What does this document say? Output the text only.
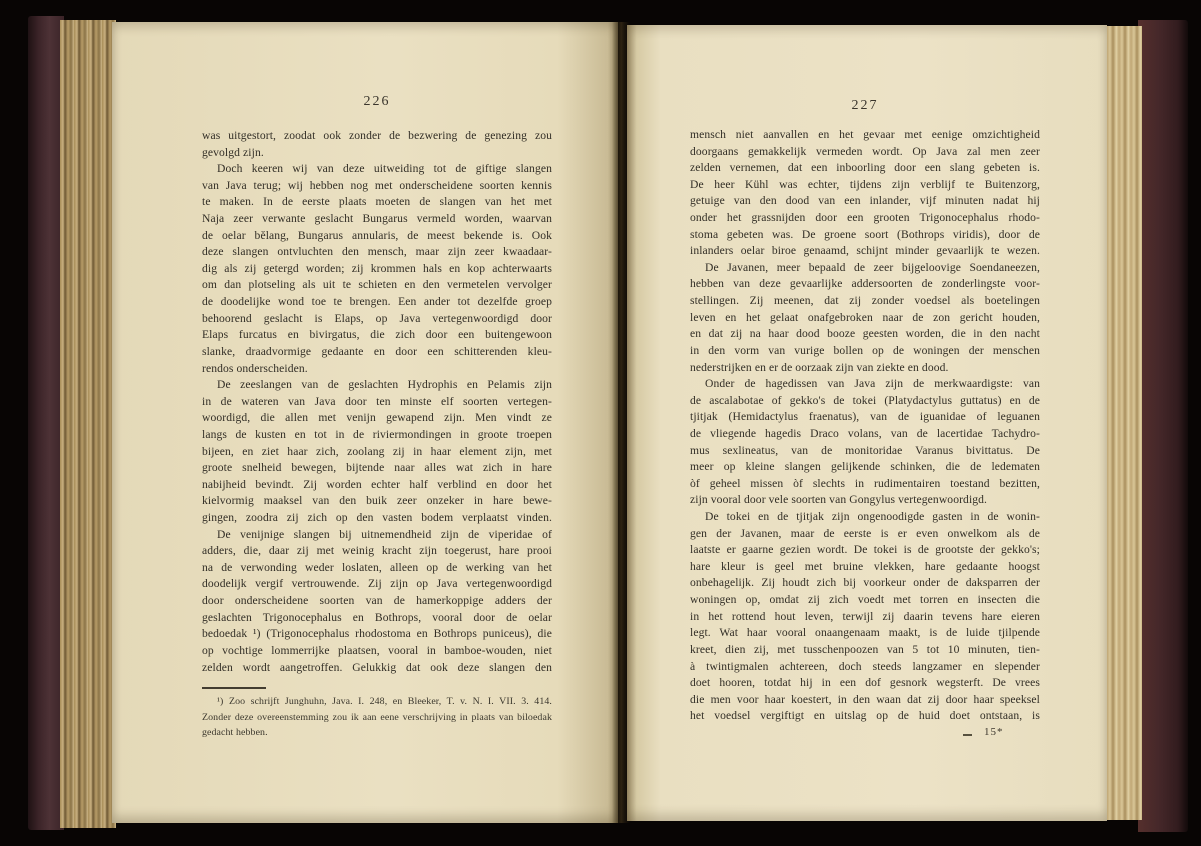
226
was uitgestort, zoodat ook zonder de bezwering de genezing zou
gevolgd zijn.
Doch keeren wij van deze uitweiding tot de giftige slangen
van Java terug; wij hebben nog met onderscheidene soorten kennis
te maken. In de eerste plaats moeten de slangen van het met
Naja zeer verwante geslacht Bungarus vermeld worden, waarvan
de oelar bĕlang, Bungarus annularis, de meest bekende is. Ook
deze slangen ontvluchten den mensch, maar zijn zeer kwaadaar-
dig als zij getergd worden; zij krommen hals en kop achterwaarts
om dan plotseling als uit te schieten en den vermetelen vervolger
de doodelijke wond toe te brengen. Een ander tot dezelfde groep
behoorend geslacht is Elaps, op Java vertegenwoordigd door
Elaps furcatus en bivirgatus, die zich door een buitengewoon
slanke, draadvormige gedaante en door een schitterenden kleu-
rendos onderscheiden.
De zeeslangen van de geslachten Hydrophis en Pelamis zijn
in de wateren van Java door ten minste elf soorten vertegen-
woordigd, die allen met venijn gewapend zijn. Men vindt ze
langs de kusten en tot in de riviermondingen in groote troepen
bijeen, en ziet haar zich, zoolang zij in haar element zijn, met
groote snelheid bewegen, bijtende naar alles wat zich in hare
nabijheid bevindt. Zij worden echter half verblind en door het
kielvormig maaksel van den buik zeer onzeker in hare bewe-
gingen, zoodra zij zich op den vasten bodem verplaatst vinden.
De venijnige slangen bij uitnemendheid zijn de viperidae of
adders, die, daar zij met weinig kracht zijn toegerust, hare prooi
na de verwonding weder loslaten, alleen op de werking van het
doodelijk vergif vertrouwende. Zij zijn op Java vertegenwoordigd
door onderscheidene soorten van de hamerkoppige adders der
geslachten Trigonocephalus en Bothrops, vooral door de oelar
bedoedak ¹) (Trigonocephalus rhodostoma en Bothrops puniceus), die
op vochtige lommerrijke plaatsen, vooral in bamboe-wouden, niet
zelden wordt aangetroffen. Gelukkig dat ook deze slangen den
¹) Zoo schrijft Junghuhn, Java. I. 248, en Bleeker, T. v. N. I. VII. 3. 414.
Zonder deze overeenstemming zou ik aan eene verschrijving in plaats van biloedak
gedacht hebben.
227
mensch niet aanvallen en het gevaar met eenige omzichtigheid
doorgaans gemakkelijk vermeden wordt. Op Java zal men zeer
zelden vernemen, dat een inboorling door een slang gebeten is.
De heer Kühl was echter, tijdens zijn verblijf te Buitenzorg,
getuige van den dood van een inlander, vijf minuten nadat hij
onder het grassnijden door een grooten Trigonocephalus rhodo-
stoma gebeten was. De groene soort (Bothrops viridis), door de
inlanders oelar biroe genaamd, schijnt minder gevaarlijk te wezen.
De Javanen, meer bepaald de zeer bijgeloovige Soendaneezen,
hebben van deze gevaarlijke addersoorten de zonderlingste voor-
stellingen. Zij meenen, dat zij zonder voedsel als boetelingen
leven en het gelaat onafgebroken naar de zon gericht houden,
en dat zij na haar dood booze geesten worden, die in den nacht
in den vorm van vurige bollen op de woningen der menschen
nederstrijken en er de oorzaak zijn van ziekte en dood.
Onder de hagedissen van Java zijn de merkwaardigste: van
de ascalabotae of gekko's de tokei (Platydactylus guttatus) en de
tjitjak (Hemidactylus fraenatus), van de iguanidae of leguanen
de vliegende hagedis Draco volans, van de lacertidae Tachydro-
mus sexlineatus, van de monitoridae Varanus bivittatus. De
meer op kleine slangen gelijkende schinken, die de ledematen
òf geheel missen òf slechts in rudimentairen toestand bezitten,
zijn vooral door vele soorten van Gongylus vertegenwoordigd.
De tokei en de tjitjak zijn ongenoodigde gasten in de wonin-
gen der Javanen, maar de eerste is er even onwelkom als de
laatste er gaarne gezien wordt. De tokei is de grootste der gekko's;
hare kleur is geel met bruine vlekken, hare gedaante hoogst
onbehagelijk. Zij houdt zich bij voorkeur onder de daksparren der
woningen op, omdat zij zich voedt met torren en insecten die
in het rottend hout leven, terwijl zij daarin tevens hare eieren
legt. Wat haar vooral onaangenaam maakt, is de luide tjilpende
kreet, dien zij, met tusschenpoozen van 5 tot 10 minuten, tien-
à twintigmalen achtereen, doch steeds langzamer en slepender
doet hooren, totdat hij in een dof gesnork wegsterft. De vrees
die men voor haar koestert, in den waan dat zij door haar speeksel
het voedsel vergiftigt en uitslag op de huid doet ontstaan, is
15*
